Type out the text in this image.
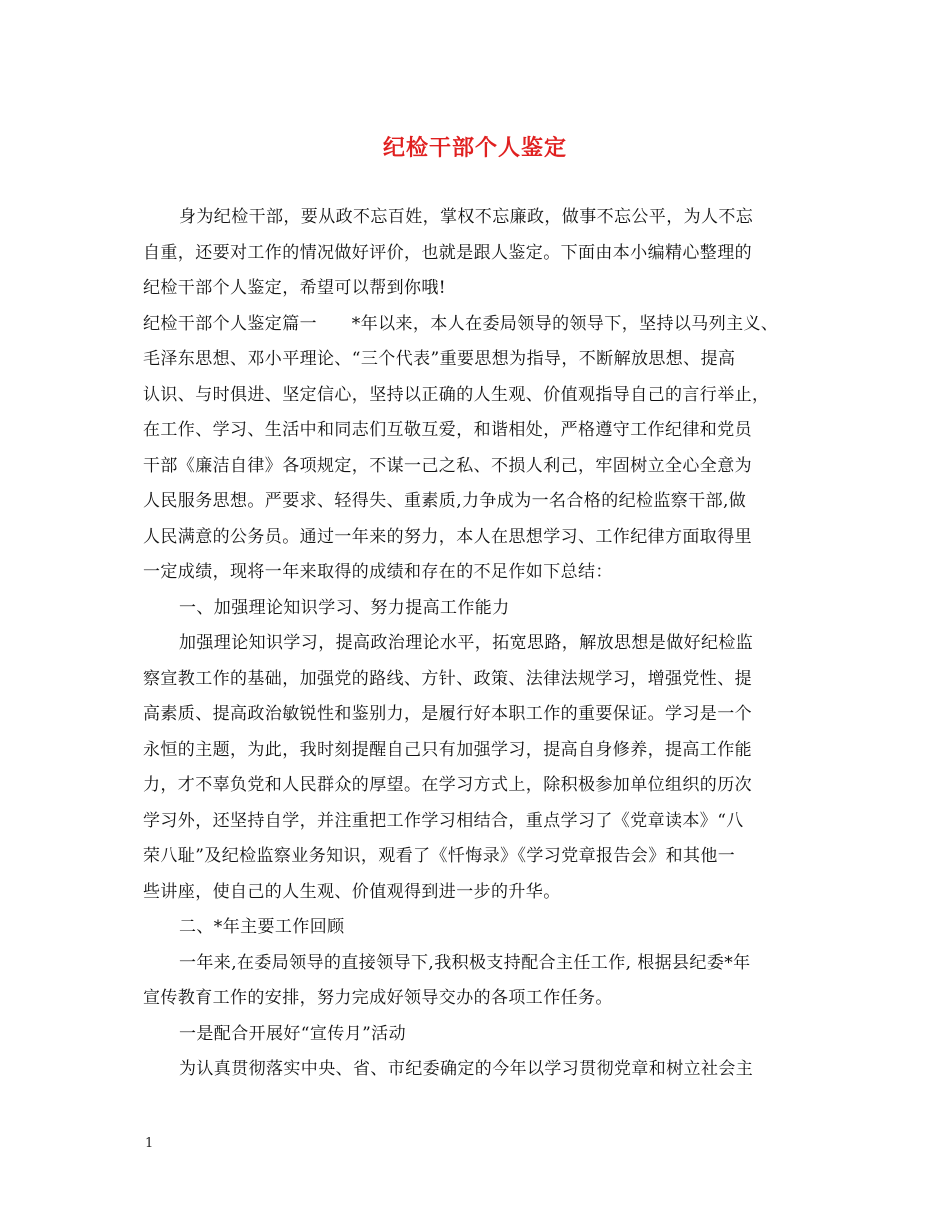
纪检干部个人鉴定
身为纪检干部，要从政不忘百姓，掌权不忘廉政，做事不忘公平，为人不忘
自重，还要对工作的情况做好评价，也就是跟人鉴定。下面由本小编精心整理的
纪检干部个人鉴定，希望可以帮到你哦!
纪检干部个人鉴定篇一　　*年以来，本人在委局领导的领导下，坚持以马列主义、
毛泽东思想、邓小平理论、“三个代表”重要思想为指导，不断解放思想、提高
认识、与时俱进、坚定信心，坚持以正确的人生观、价值观指导自己的言行举止，
在工作、学习、生活中和同志们互敬互爱，和谐相处，严格遵守工作纪律和党员
干部《廉洁自律》各项规定，不谋一己之私、不损人利己，牢固树立全心全意为
人民服务思想。严要求、轻得失、重素质,力争成为一名合格的纪检监察干部,做
人民满意的公务员。通过一年来的努力，本人在思想学习、工作纪律方面取得里
一定成绩，现将一年来取得的成绩和存在的不足作如下总结：
一、加强理论知识学习、努力提高工作能力
加强理论知识学习，提高政治理论水平，拓宽思路，解放思想是做好纪检监
察宣教工作的基础，加强党的路线、方针、政策、法律法规学习，增强党性、提
高素质、提高政治敏锐性和鉴别力，是履行好本职工作的重要保证。学习是一个
永恒的主题，为此，我时刻提醒自己只有加强学习，提高自身修养，提高工作能
力，才不辜负党和人民群众的厚望。在学习方式上，除积极参加单位组织的历次
学习外，还坚持自学，并注重把工作学习相结合，重点学习了《党章读本》“八
荣八耻”及纪检监察业务知识，观看了《忏悔录》《学习党章报告会》和其他一
些讲座，使自己的人生观、价值观得到进一步的升华。
二、*年主要工作回顾
一年来,在委局领导的直接领导下,我积极支持配合主任工作, 根据县纪委*年
宣传教育工作的安排，努力完成好领导交办的各项工作任务。
一是配合开展好“宣传月”活动
为认真贯彻落实中央、省、市纪委确定的今年以学习贯彻党章和树立社会主
1
